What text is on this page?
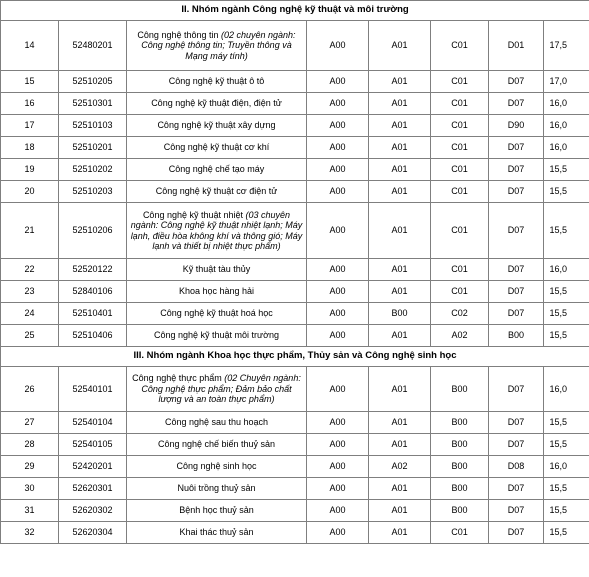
II. Nhóm ngành Công nghệ kỹ thuật và môi trường							
14	52480201	Công nghệ thông tin (02 chuyên ngành: Công nghệ thông tin; Truyền thông và Mạng máy tính)	A00	A01	C01	D01	17,5
15	52510205	Công nghệ kỹ thuật ô tô	A00	A01	C01	D07	17,0
16	52510301	Công nghệ kỹ thuật điện, điện tử	A00	A01	C01	D07	16,0
17	52510103	Công nghệ kỹ thuật xây dựng	A00	A01	C01	D90	16,0
18	52510201	Công nghệ kỹ thuật cơ khí	A00	A01	C01	D07	16,0
19	52510202	Công nghệ chế tạo máy	A00	A01	C01	D07	15,5
20	52510203	Công nghệ kỹ thuật cơ điện tử	A00	A01	C01	D07	15,5
21	52510206	Công nghệ kỹ thuật nhiệt (03 chuyên ngành: Công nghệ kỹ thuật nhiệt lạnh; Máy lạnh, điều hòa không khí và thông gió; Máy lạnh và thiết bị nhiệt thực phẩm)	A00	A01	C01	D07	15,5
22	52520122	Kỹ thuật tàu thủy	A00	A01	C01	D07	16,0
23	52840106	Khoa học hàng hải	A00	A01	C01	D07	15,5
24	52510401	Công nghệ kỹ thuật hoá học	A00	B00	C02	D07	15,5
25	52510406	Công nghệ kỹ thuật môi trường	A00	A01	A02	B00	15,5
III. Nhóm ngành Khoa học thực phẩm, Thủy sản và Công nghệ sinh học							
26	52540101	Công nghệ thực phẩm (02 Chuyên ngành: Công nghệ thực phẩm; Đảm bảo chất lượng và an toàn thực phẩm)	A00	A01	B00	D07	16,0
27	52540104	Công nghệ sau thu hoạch	A00	A01	B00	D07	15,5
28	52540105	Công nghệ chế biến thuỷ sản	A00	A01	B00	D07	15,5
29	52420201	Công nghệ sinh học	A00	A02	B00	D08	16,0
30	52620301	Nuôi trồng thuỷ sản	A00	A01	B00	D07	15,5
31	52620302	Bệnh học thuỷ sản	A00	A01	B00	D07	15,5
32	52620304	Khai thác thuỷ sản	A00	A01	C01	D07	15,5
